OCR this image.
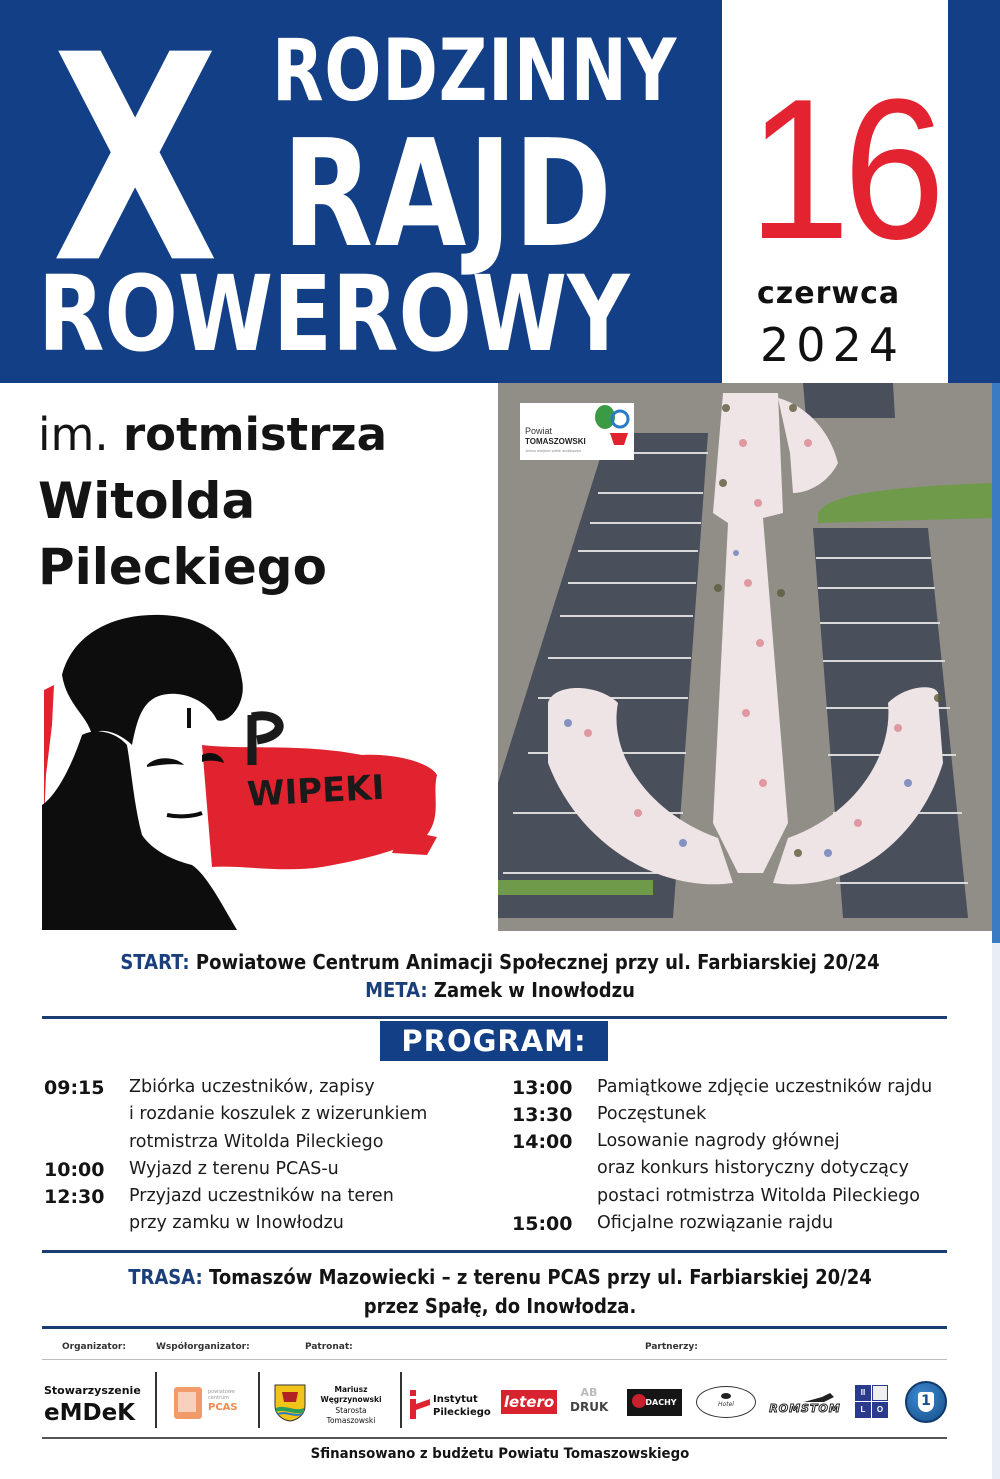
X RODZINNY
RAJD
ROWEROWY
16
czerwca
2024
im. rotmistrza
Witolda
Pileckiego
WIPEKI
Powiat
TOMASZOWSKI
Jedno miejsce wiele możliwości
START: Powiatowe Centrum Animacji Społecznej przy ul. Farbiarskiej 20/24
META: Zamek w Inowłodzu
PROGRAM:
09:15 Zbiórka uczestników, zapisy
i rozdanie koszulek z wizerunkiem
rotmistrza Witolda Pileckiego
10:00 Wyjazd z terenu PCAS-u
12:30 Przyjazd uczestników na teren
przy zamku w Inowłodzu
13:00 Pamiątkowe zdjęcie uczestników rajdu
13:30 Poczęstunek
14:00 Losowanie nagrody głównej
oraz konkurs historyczny dotyczący
postaci rotmistrza Witolda Pileckiego
15:00 Oficjalne rozwiązanie rajdu
TRASA: Tomaszów Mazowiecki – z terenu PCAS przy ul. Farbiarskiej 20/24
przez Spałę, do Inowłodza.
Organizator:	Współorganizator:	Patronat:	Partnerzy:
Stowarzyszenie
eMDeK
powiatowe
centrum
PCAS
Mariusz
Węgrzynowski
Starosta
Tomaszowski
Instytut
Pileckiego
letero
AB
DRUK	DACHY	Hotel	ROMSTOM
II
L	O
1
Sfinansowano z budżetu Powiatu Tomaszowskiego
